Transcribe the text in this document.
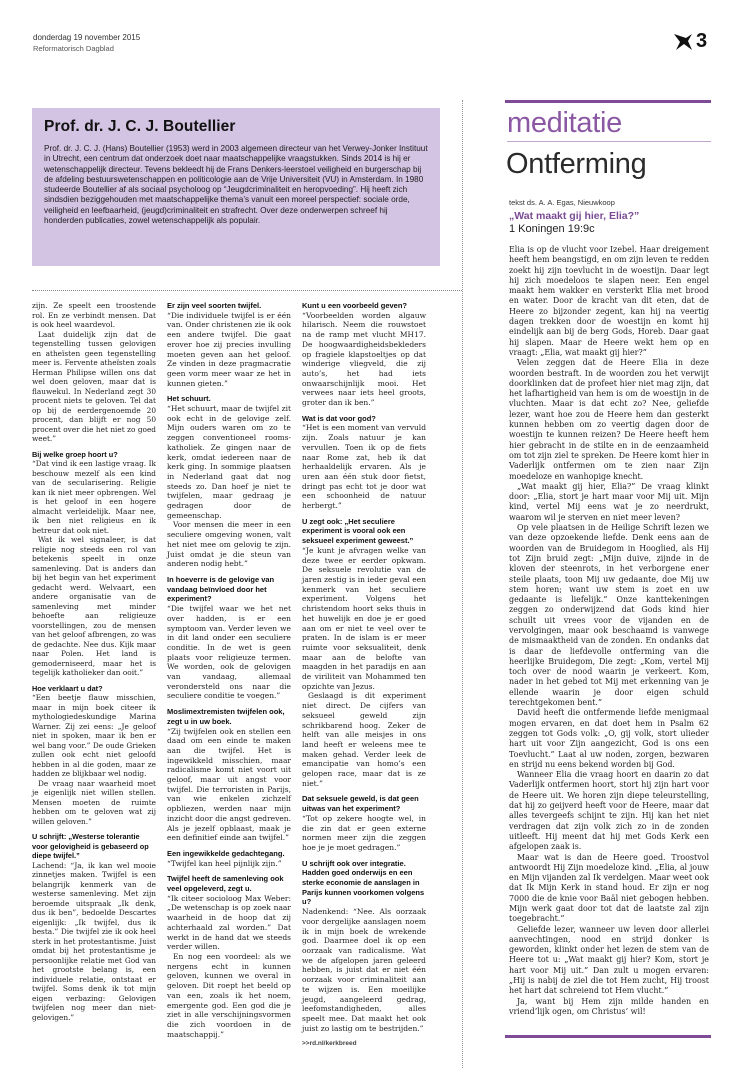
donderdag 19 november 2015
Reformatorisch Dagblad	3
Prof. dr. J. C. J. Boutellier
Prof. dr. J. C. J. (Hans) Boutellier (1953) werd in 2003 algemeen directeur van het Verwey-Jonker Instituut in Utrecht, een centrum dat onderzoek doet naar maatschappelijke vraagstukken. Sinds 2014 is hij er wetenschappelijk directeur. Tevens bekleedt hij de Frans Denkers-leerstoel veiligheid en burgerschap bij de afdeling bestuurswetenschappen en politicologie aan de Vrije Universiteit (VU) in Amsterdam. In 1980 studeerde Boutellier af als sociaal psycholoog op “Jeugdcriminaliteit en heropvoeding”. Hij heeft zich sindsdien beziggehouden met maatschappelijke thema’s vanuit een moreel perspectief: sociale orde, veiligheid en leefbaarheid, (jeugd)criminaliteit en strafrecht. Over deze onderwerpen schreef hij honderden publicaties, zowel wetenschappelijk als populair.

zijn. Ze speelt een troostende rol. En ze verbindt mensen. Dat is ook heel waardevol.

Laat duidelijk zijn dat de tegenstelling tussen gelovigen en atheïsten geen tegenstelling meer is. Fervente atheïsten zoals Herman Philipse willen ons dat wel doen geloven, maar dat is flauwekul. In Nederland zegt 30 procent niets te geloven. Tel dat op bij de eerdergenoemde 20 procent, dan blijft er nog 50 procent over die het niet zo goed weet.”

Bij welke groep hoort u?

“Dat vind ik een lastige vraag. Ik beschouw mezelf als een kind van de secularisering. Religie kan ik niet meer opbrengen. Wel is het geloof in een hogere almacht verleidelijk. Maar nee, ik ben niet religieus en ik betreur dat ook niet.

Wat ik wel signaleer, is dat religie nog steeds een rol van betekenis speelt in onze samenleving. Dat is anders dan bij het begin van het experiment gedacht werd. Welvaart, een andere organisatie van de samenleving met minder behoefte aan religieuze voorstellingen, zou de mensen van het geloof afbrengen, zo was de gedachte. Nee dus. Kijk maar naar Polen. Het land is gemoderniseerd, maar het is tegelijk katholieker dan ooit.”

Hoe verklaart u dat?

“Een beetje flauw misschien, maar in mijn boek citeer ik mythologiedeskundige Marina Warner. Zij zei eens: „Je geloof niet in spoken, maar ik ben er wel bang voor.” De oude Grieken zullen ook echt niet geloofd hebben in al die goden, maar ze hadden ze blijkbaar wel nodig.

De vraag naar waarheid moet je eigenlijk niet willen stellen. Mensen moeten de ruimte hebben om te geloven wat zij willen geloven.”

U schrijft: „Westerse tolerantie voor gelovigheid is gebaseerd op diepe twijfel.”

Lachend: “Ja, ik kan wel mooie zinnetjes maken. Twijfel is een belangrijk kenmerk van de westerse samenleving. Met zijn beroemde uitspraak „Ik denk, dus ik ben”, bedoelde Descartes eigenlijk: „Ik twijfel, dus ik besta.” Die twijfel zie ik ook heel sterk in het protestantisme. Juist omdat bij het protestantisme je persoonlijke relatie met God van het grootste belang is, een individuele relatie, ontstaat er twijfel. Soms denk ik tot mijn eigen verbazing: Gelovigen twijfelen nog meer dan niet-gelovigen.”

Er zijn veel soorten twijfel.

“Die individuele twijfel is er één van. Onder christenen zie ik ook een andere twijfel. Die gaat erover hoe zij precies invulling moeten geven aan het geloof. Ze vinden in deze pragmacratie geen vorm meer waar ze het in kunnen gieten.”

Het schuurt.

“Het schuurt, maar de twijfel zit ook echt in de gelovige zelf. Mijn ouders waren om zo te zeggen conventioneel rooms-katholiek. Ze gingen naar de kerk, omdat iedereen naar de kerk ging. In sommige plaatsen in Nederland gaat dat nog steeds zo. Dan hoef je niet te twijfelen, maar gedraag je gedragen door de gemeenschap.

Voor mensen die meer in een seculiere omgeving wonen, valt het niet mee om gelovig te zijn. Juist omdat je die steun van anderen nodig hebt.”

In hoeverre is de gelovige van vandaag beïnvloed door het experiment?

“Die twijfel waar we het net over hadden, is er een symptoom van. Verder leven we in dit land onder een seculiere conditie. In de wet is geen plaats voor religieuze termen. We worden, ook de gelovigen van vandaag, allemaal verondersteld ons naar die seculiere conditie te voegen.”

Moslimextremisten twijfelen ook, zegt u in uw boek.

“Zij twijfelen ook en stellen een daad om een einde te maken aan die twijfel. Het is ingewikkeld misschien, maar radicalisme komt niet voort uit geloof, maar uit angst voor twijfel. Die terroristen in Parijs, van wie enkelen zichzelf opbliezen, werden naar mijn inzicht door die angst gedreven. Als je jezelf opblaast, maak je een definitief einde aan twijfel.”

Een ingewikkelde gedachtegang.

“Twijfel kan heel pijnlijk zijn.”

Twijfel heeft de samenleving ook veel opgeleverd, zegt u.

“Ik citeer socioloog Max Weber: „De wetenschap is op zoek naar waarheid in de hoop dat zij achterhaald zal worden.” Dat werkt in de hand dat we steeds verder willen.

En nog een voordeel: als we nergens echt in kunnen geloven, kunnen we overal in geloven. Dit roept het beeld op van een, zoals ik het noem, emergente god. Een god die je ziet in alle verschijningsvormen die zich voordoen in de maatschappij.”

Kunt u een voorbeeld geven?

“Voorbeelden worden algauw hilarisch. Neem die rouwstoet na de ramp met vlucht MH17. De hoogwaardigheidsbekleders op fragiele klapstoeltjes op dat winderige vliegveld, die zij auto’s, het had iets onwaarschijnlijk mooi. Het verwees naar iets heel groots, groter dan ik ben.”

Wat is dat voor god?

“Het is een moment van vervuld zijn. Zoals natuur je kan vervullen. Toen ik op de fiets naar Rome zat, heb ik dat herhaaldelijk ervaren. Als je uren aan één stuk door fietst, dringt pas echt tot je door wat een schoonheid de natuur herbergt.”

U zegt ook: „Het seculiere experiment is vooral ook een seksueel experiment geweest.”

“Je kunt je afvragen welke van deze twee er eerder opkwam. De seksuele revolutie van de jaren zestig is in ieder geval een kenmerk van het seculiere experiment. Volgens het christendom hoort seks thuis in het huwelijk en doe je er goed aan om er niet te veel over te praten. In de islam is er meer ruimte voor seksualiteit, denk maar aan de belofte van maagden in het paradijs en aan de viriliteit van Mohammed ten opzichte van Jezus.

Geslaagd is dit experiment niet direct. De cijfers van seksueel geweld zijn schrikbarend hoog. Zeker de helft van alle meisjes in ons land heeft er weleens mee te maken gehad. Verder leek de emancipatie van homo’s een gelopen race, maar dat is ze niet.”

Dat seksuele geweld, is dat geen uitwas van het experiment?

“Tot op zekere hoogte wel, in die zin dat er geen externe normen meer zijn die zeggen hoe je je moet gedragen.”

U schrijft ook over integratie. Hadden goed onderwijs en een sterke economie de aanslagen in Parijs kunnen voorkomen volgens u?

Nadenkend: “Nee. Als oorzaak voor dergelijke aanslagen noem ik in mijn boek de wrekende god. Daarmee doel ik op een oorzaak van radicalisme. Wat we de afgelopen jaren geleerd hebben, is juist dat er niet één oorzaak voor criminaliteit aan te wijzen is. Een moeilijke jeugd, aangeleerd gedrag, leefomstandigheden, alles speelt mee. Dat maakt het ook juist zo lastig om te bestrijden.”

>>rd.nl/kerkbreed
meditatie
Ontferming
tekst ds. A. A. Egas, Nieuwkoop
„Wat maakt gij hier, Elia?”
1 Koningen 19:9c

Elia is op de vlucht voor Izebel. Haar dreigement heeft hem beangstigd, en om zijn leven te redden zoekt hij zijn toevlucht in de woestijn. Daar legt hij zich moedeloos te slapen neer. Een engel maakt hem wakker en versterkt Elia met brood en water. Door de kracht van dit eten, dat de Heere zo bijzonder zegent, kan hij na veertig dagen trekken door de woestijn en komt hij eindelijk aan bij de berg Gods, Horeb. Daar gaat hij slapen. Maar de Heere wekt hem op en vraagt: „Elia, wat maakt gij hier?”

Velen zeggen dat de Heere Elia in deze woorden bestraft. In de woorden zou het verwijt doorklinken dat de profeet hier niet mag zijn, dat het lafhartigheid van hem is om de woestijn in de vluchten. Maar is dat echt zo? Nee, geliefde lezer, want hoe zou de Heere hem dan gesterkt kunnen hebben om zo veertig dagen door de woestijn te kunnen reizen? De Heere heeft hem hier gebracht in de stilte en in de eenzaamheid om tot zijn ziel te spreken. De Heere komt hier in Vaderlijk ontfermen om te zien naar Zijn moedeloze en wanhopige knecht.

„Wat maakt gij hier, Elia?” De vraag klinkt door: „Elia, stort je hart maar voor Mij uit. Mijn kind, vertel Mij eens wat je zo neerdrukt, waarom wil je sterven en niet meer leven?

Op vele plaatsen in de Heilige Schrift lezen we van deze opzoekende liefde. Denk eens aan de woorden van de Bruidegom in Hooglied, als Hij tot Zijn bruid zegt: „Mijn duive, zijnde in de kloven der steenrots, in het verborgene ener steile plaats, toon Mij uw gedaante, doe Mij uw stem horen; want uw stem is zoet en uw gedaante is liefelijk.” Onze kanttekeningen zeggen zo onderwijzend dat Gods kind hier schuilt uit vrees voor de vijanden en de vervolgingen, maar ook beschaamd is vanwege de mismaaktheid van de zonden. En ondanks dat is daar de liefdevolle ontferming van die heerlijke Bruidegom, Die zegt: „Kom, vertel Mij toch over de nood waarin je verkeert. Kom, nader in het gebed tot Mij met erkenning van je ellende waarin je door eigen schuld terechtgekomen bent.”

David heeft die ontfermende liefde menigmaal mogen ervaren, en dat doet hem in Psalm 62 zeggen tot Gods volk: „O, gij volk, stort ulieder hart uit voor Zijn aangezicht, God is ons een Toevlucht.” Laat al uw noden, zorgen, bezwaren en strijd nu eens bekend worden bij God.

Wanneer Elia die vraag hoort en daarin zo dat Vaderlijk ontfermen hoort, stort hij zijn hart voor de Heere uit. We horen zijn diepe teleurstelling, dat hij zo geijverd heeft voor de Heere, maar dat alles tevergeefs schijnt te zijn. Hij kan het niet verdragen dat zijn volk zich zo in de zonden uitleeft. Hij meent dat hij met Gods Kerk een afgelopen zaak is.

Maar wat is dan de Heere goed. Troostvol antwoordt Hij Zijn moedeloze kind. „Elia, al jouw en Mijn vijanden zal Ik verdelgen. Maar weet ook dat Ik Mijn Kerk in stand houd. Er zijn er nog 7000 die de knie voor Baäl niet gebogen hebben. Mijn werk gaat door tot dat de laatste zal zijn toegebracht.”

Geliefde lezer, wanneer uw leven door allerlei aanvechtingen, nood en strijd donker is geworden, klinkt onder het lezen de stem van de Heere tot u: „Wat maakt gij hier? Kom, stort je hart voor Mij uit.” Dan zult u mogen ervaren: „Hij is nabij de ziel die tot Hem zucht, Hij troost het hart dat schreiend tot Hem vlucht.”

Ja, want bij Hem zijn milde handen en vriend’lijk ogen, om Christus’ wil!
